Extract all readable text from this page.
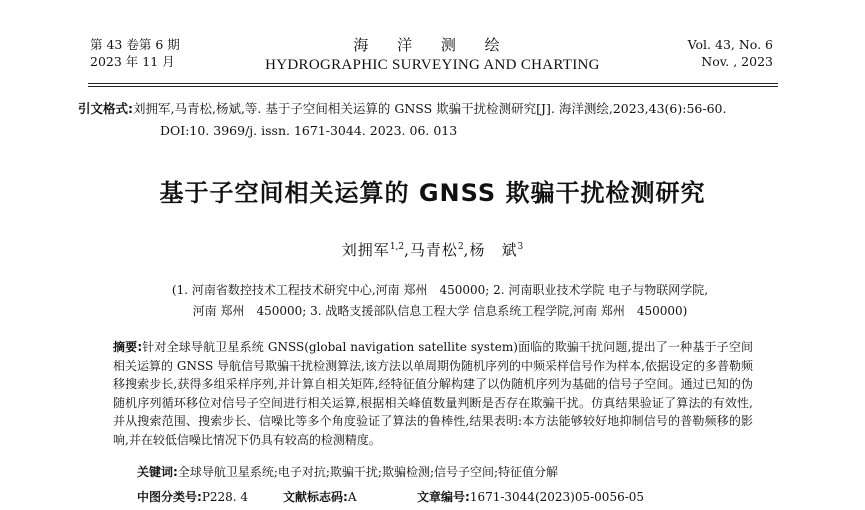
第 43 卷第 6 期
2023 年 11 月
海 洋 测 绘
HYDROGRAPHIC SURVEYING AND CHARTING
Vol. 43, No. 6
Nov. , 2023
引文格式:刘拥军,马青松,杨斌,等. 基于子空间相关运算的 GNSS 欺骗干扰检测研究[J]. 海洋测绘,2023,43(6):56-60.
DOI:10. 3969/j. issn. 1671-3044. 2023. 06. 013
基于子空间相关运算的 GNSS 欺骗干扰检测研究
刘拥军$^{1,2}$,马青松$^2$,杨　斌$^3$
(1. 河南省数控技术工程技术研究中心,河南 郑州　450000; 2. 河南职业技术学院 电子与物联网学院,
河南 郑州　450000; 3. 战略支援部队信息工程大学 信息系统工程学院,河南 郑州　450000)
摘要:针对全球导航卫星系统 GNSS(global navigation satellite system)面临的欺骗干扰问题,提出了一种基于子空间相关运算的 GNSS 导航信号欺骗干扰检测算法,该方法以单周期伪随机序列的中频采样信号作为样本,依据设定的多普勒频移搜索步长,获得多组采样序列,并计算自相关矩阵,经特征值分解构建了以伪随机序列为基础的信号子空间。通过已知的伪随机序列循环移位对信号子空间进行相关运算,根据相关峰值数量判断是否存在欺骗干扰。仿真结果验证了算法的有效性,并从搜索范围、搜索步长、信噪比等多个角度验证了算法的鲁棒性,结果表明:本方法能够较好地抑制信号的普勒频移的影响,并在较低信噪比情况下仍具有较高的检测精度。
关键词:全球导航卫星系统;电子对抗;欺骗干扰;欺骗检测;信号子空间;特征值分解
中图分类号:P228. 4	文献标志码:A	文章编号:1671-3044(2023)05-0056-05
